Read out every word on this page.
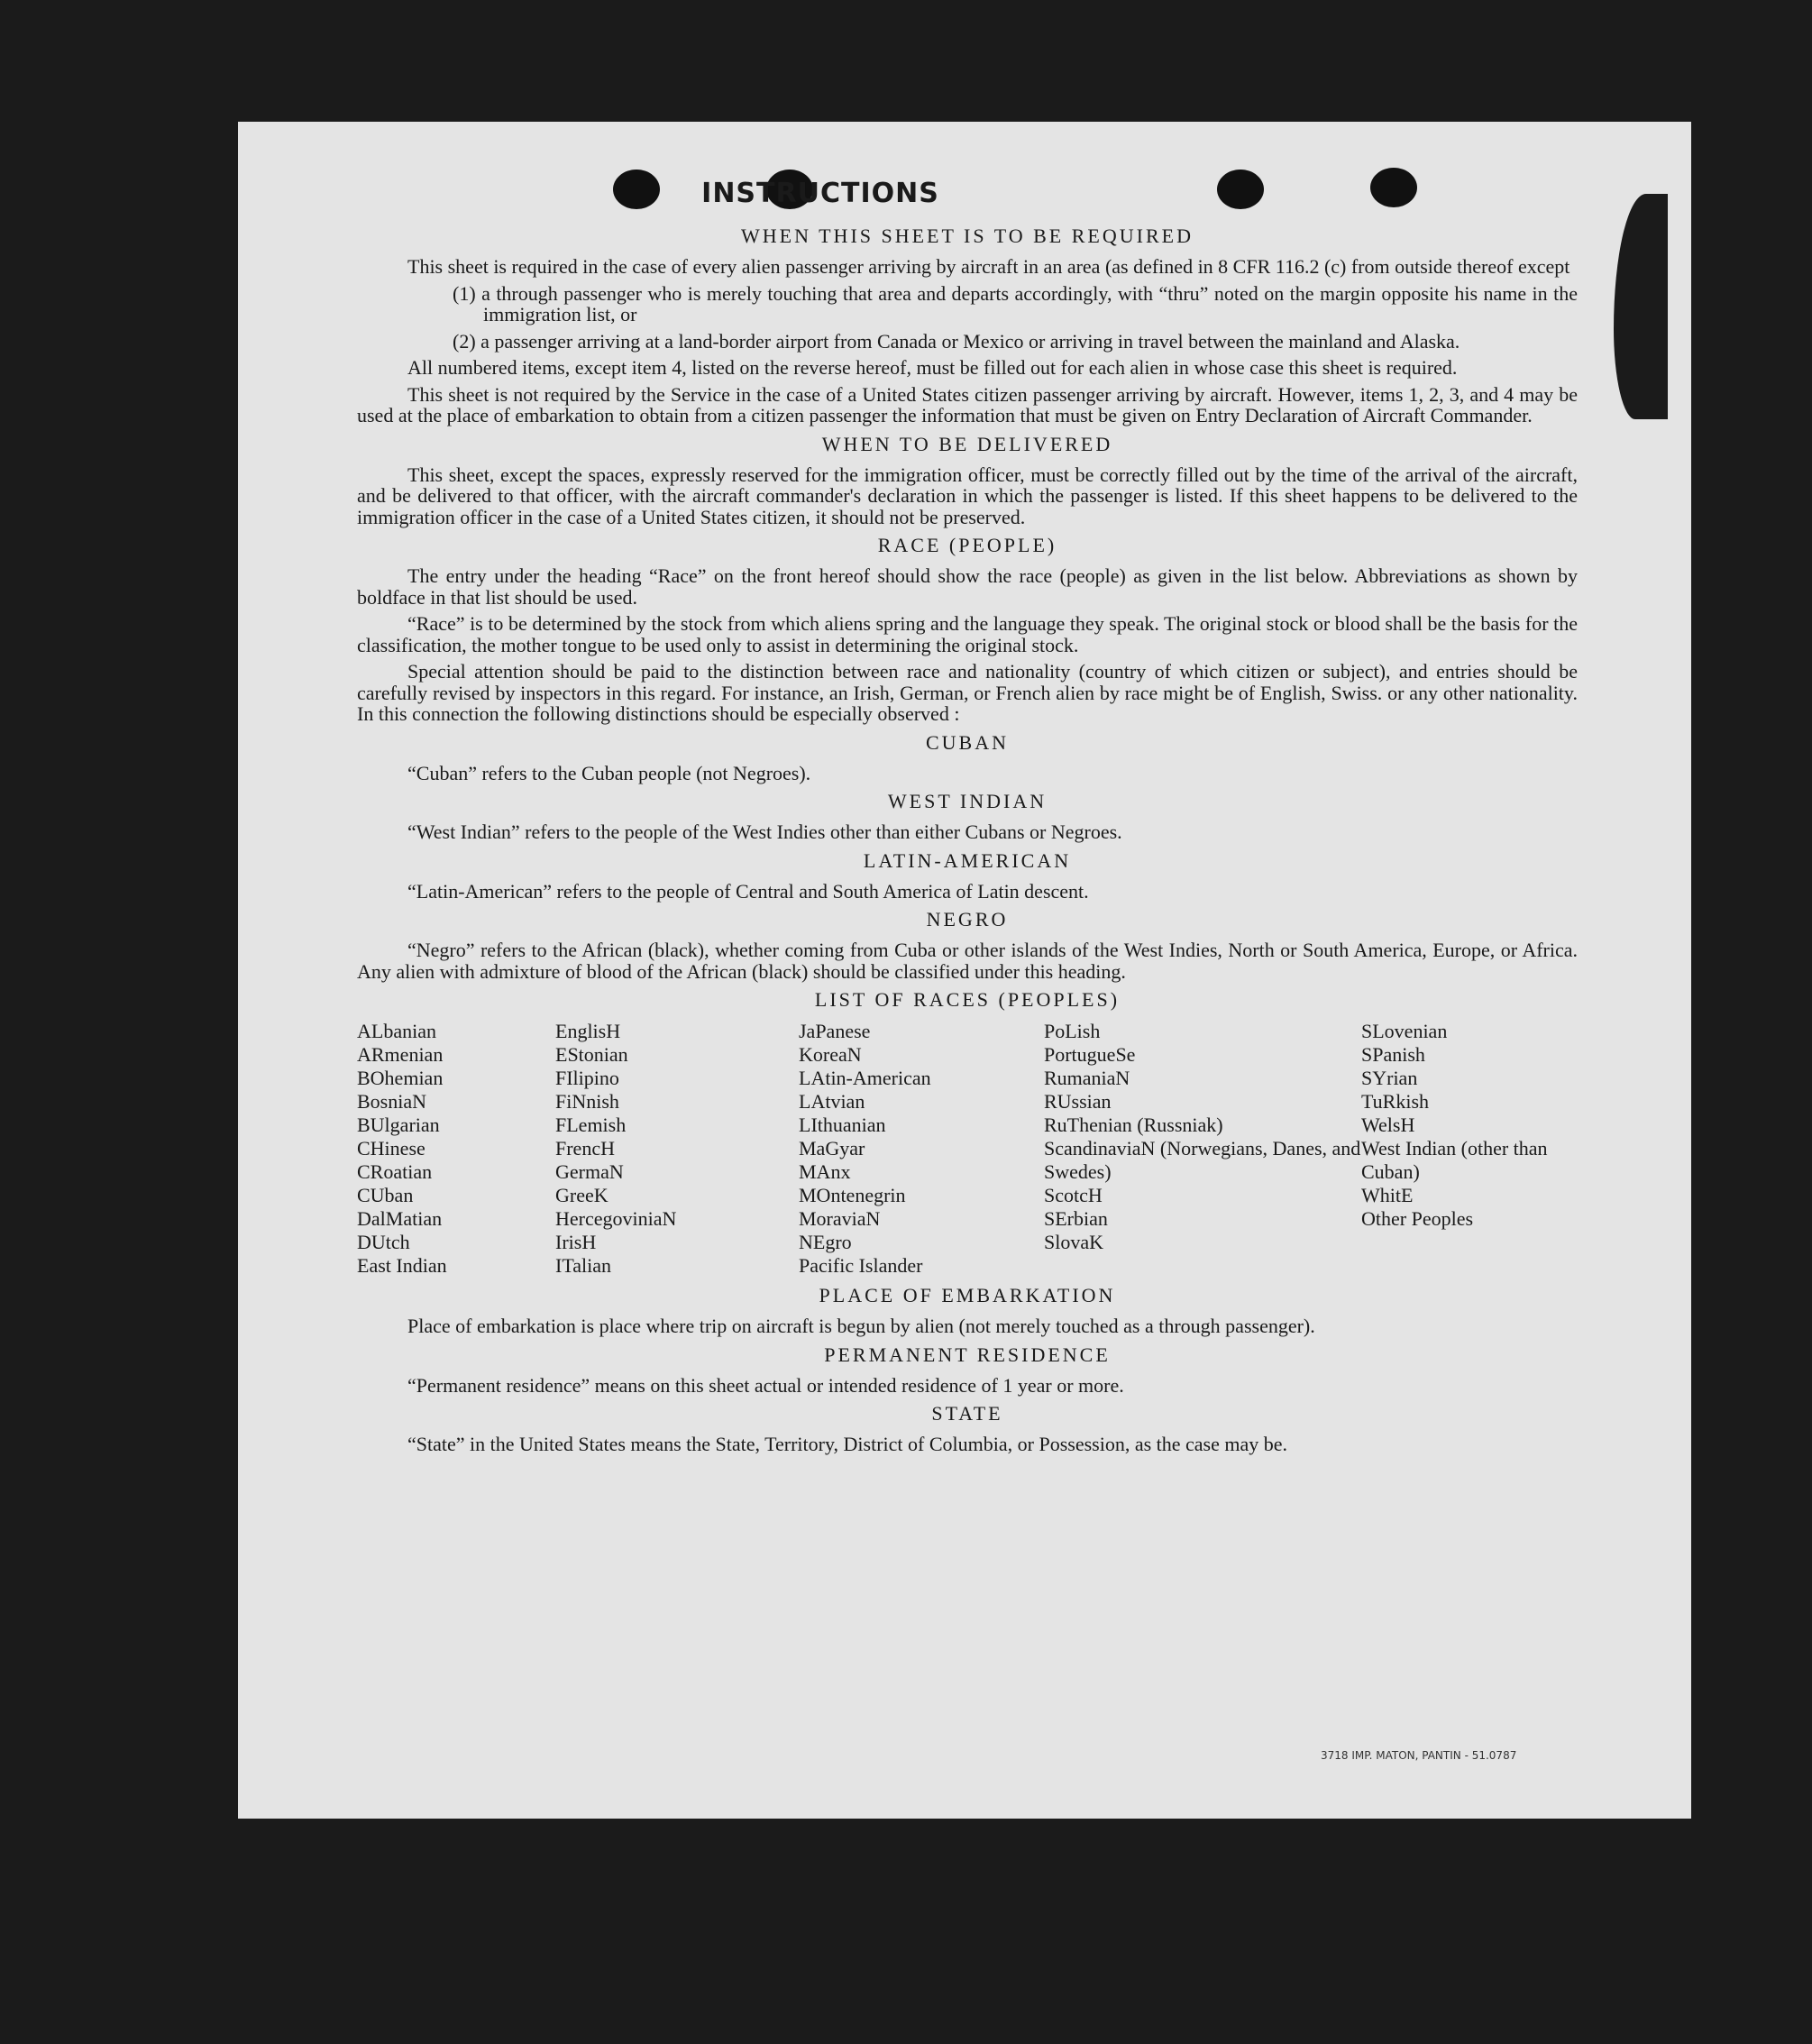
INSTRUCTIONS
WHEN THIS SHEET IS TO BE REQUIRED

This sheet is required in the case of every alien passenger arriving by aircraft in an area (as defined in 8 CFR 116.2 (c) from outside thereof except

(1) a through passenger who is merely touching that area and departs accordingly, with “thru” noted on the margin opposite his name in the immigration list, or

(2) a passenger arriving at a land-border airport from Canada or Mexico or arriving in travel between the mainland and Alaska.

All numbered items, except item 4, listed on the reverse hereof, must be filled out for each alien in whose case this sheet is required.

This sheet is not required by the Service in the case of a United States citizen passenger arriving by aircraft. However, items 1, 2, 3, and 4 may be used at the place of embarkation to obtain from a citizen passenger the information that must be given on Entry Declaration of Aircraft Commander.

WHEN TO BE DELIVERED

This sheet, except the spaces, expressly reserved for the immigration officer, must be correctly filled out by the time of the arrival of the aircraft, and be delivered to that officer, with the aircraft commander's declaration in which the passenger is listed. If this sheet happens to be delivered to the immigration officer in the case of a United States citizen, it should not be preserved.

RACE (PEOPLE)

The entry under the heading “Race” on the front hereof should show the race (people) as given in the list below. Abbreviations as shown by boldface in that list should be used.

“Race” is to be determined by the stock from which aliens spring and the language they speak. The original stock or blood shall be the basis for the classification, the mother tongue to be used only to assist in determining the original stock.

Special attention should be paid to the distinction between race and nationality (country of which citizen or subject), and entries should be carefully revised by inspectors in this regard. For instance, an Irish, German, or French alien by race might be of English, Swiss. or any other nationality. In this connection the following distinctions should be especially observed :

CUBAN

“Cuban” refers to the Cuban people (not Negroes).

WEST INDIAN

“West Indian” refers to the people of the West Indies other than either Cubans or Negroes.

LATIN-AMERICAN

“Latin-American” refers to the people of Central and South America of Latin descent.

NEGRO

“Negro” refers to the African (black), whether coming from Cuba or other islands of the West Indies, North or South America, Europe, or Africa. Any alien with admixture of blood of the African (black) should be classified under this heading.

LIST OF RACES (PEOPLES)
ALbanian
ARmenian
BOhemian
BosniaN
BUlgarian
CHinese
CRoatian
CUban
DalMatian
DUtch
East Indian
EnglisH
EStonian
FIlipino
FiNnish
FLemish
FrencH
GermaN
GreeK
HercegoviniaN
IrisH
ITalian
JaPanese
KoreaN
LAtin-American
LAtvian
LIthuanian
MaGyar
MAnx
MOntenegrin
MoraviaN
NEgro
Pacific Islander
PoLish
PortugueSe
RumaniaN
RUssian
RuThenian (Russniak)
ScandinaviaN (Norwegians, Danes, and Swedes)
ScotcH
SErbian
SlovaK
SLovenian
SPanish
SYrian
TuRkish
WelsH
West Indian (other than Cuban)
WhitE
Other Peoples
PLACE OF EMBARKATION

Place of embarkation is place where trip on aircraft is begun by alien (not merely touched as a through passenger).

PERMANENT RESIDENCE

“Permanent residence” means on this sheet actual or intended residence of 1 year or more.

STATE

“State” in the United States means the State, Territory, District of Columbia, or Possession, as the case may be.

3718 IMP. MATON, PANTIN - 51.0787
